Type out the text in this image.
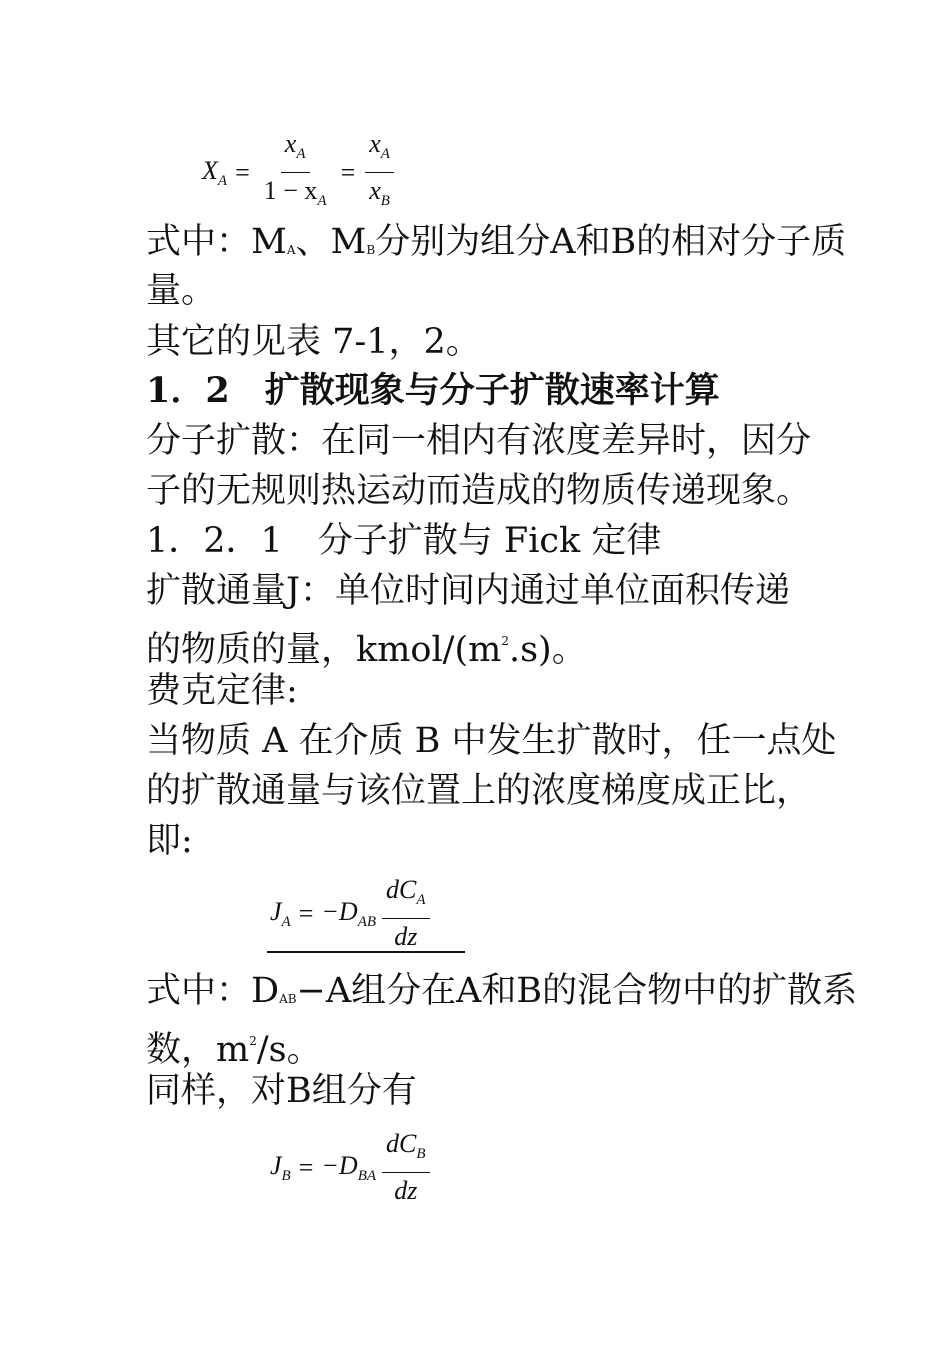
$X_A = \frac{x_A}{1 - x_A} = \frac{x_A}{x_B}$
式中：MA、MB分别为组分A和B的相对分子质
量。
其它的见表 7-1，2。
1．2　扩散现象与分子扩散速率计算
分子扩散：在同一相内有浓度差异时，因分
子的无规则热运动而造成的物质传递现象。
1．2．1　分子扩散与 Fick 定律
扩散通量J：单位时间内通过单位面积传递
的物质的量，kmol/$(m^2.s)$。
费克定律:
当物质 A 在介质 B 中发生扩散时，任一点处
的扩散通量与该位置上的浓度梯度成正比，
即:
$J_A = -D_{AB} \frac{dC_A}{dz}$
式中：DAB−A组分在A和B的混合物中的扩散系
数，$m^2/s$。
同样，对B组分有
$J_B = -D_{BA} \frac{dC_B}{dz}$
